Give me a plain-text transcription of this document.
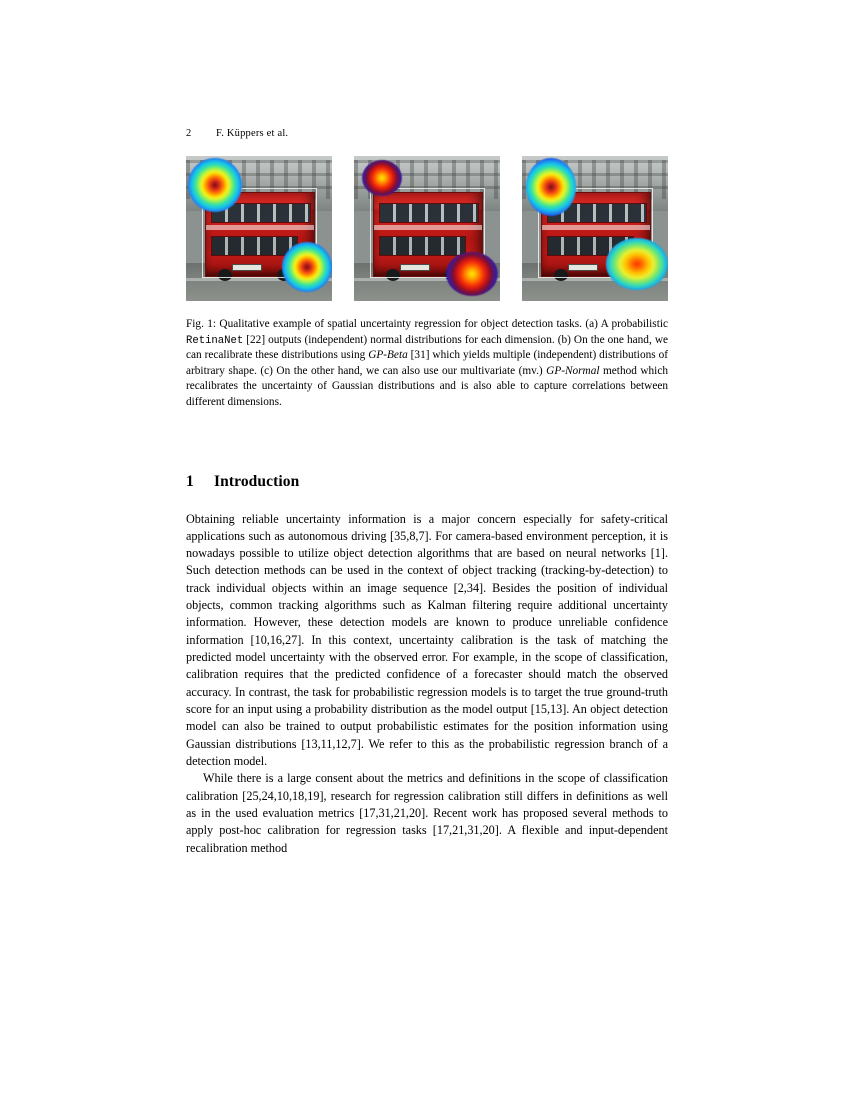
2	F. Küppers et al.
Fig. 1: Qualitative example of spatial uncertainty regression for object detection tasks. (a) A probabilistic RetinaNet [22] outputs (independent) normal distributions for each dimension. (b) On the one hand, we can recalibrate these distributions using GP-Beta [31] which yields multiple (independent) distributions of arbitrary shape. (c) On the other hand, we can also use our multivariate (mv.) GP-Normal method which recalibrates the uncertainty of Gaussian distributions and is also able to capture correlations between different dimensions.
1 Introduction

Obtaining reliable uncertainty information is a major concern especially for safety-critical applications such as autonomous driving [35,8,7]. For camera-based environment perception, it is nowadays possible to utilize object detection algorithms that are based on neural networks [1]. Such detection methods can be used in the context of object tracking (tracking-by-detection) to track individual objects within an image sequence [2,34]. Besides the position of individual objects, common tracking algorithms such as Kalman filtering require additional uncertainty information. However, these detection models are known to produce unreliable confidence information [10,16,27]. In this context, uncertainty calibration is the task of matching the predicted model uncertainty with the observed error. For example, in the scope of classification, calibration requires that the predicted confidence of a forecaster should match the observed accuracy. In contrast, the task for probabilistic regression models is to target the true ground-truth score for an input using a probability distribution as the model output [15,13]. An object detection model can also be trained to output probabilistic estimates for the position information using Gaussian distributions [13,11,12,7]. We refer to this as the probabilistic regression branch of a detection model.

While there is a large consent about the metrics and definitions in the scope of classification calibration [25,24,10,18,19], research for regression calibration still differs in definitions as well as in the used evaluation metrics [17,31,21,20]. Recent work has proposed several methods to apply post-hoc calibration for regression tasks [17,21,31,20]. A flexible and input-dependent recalibration method
